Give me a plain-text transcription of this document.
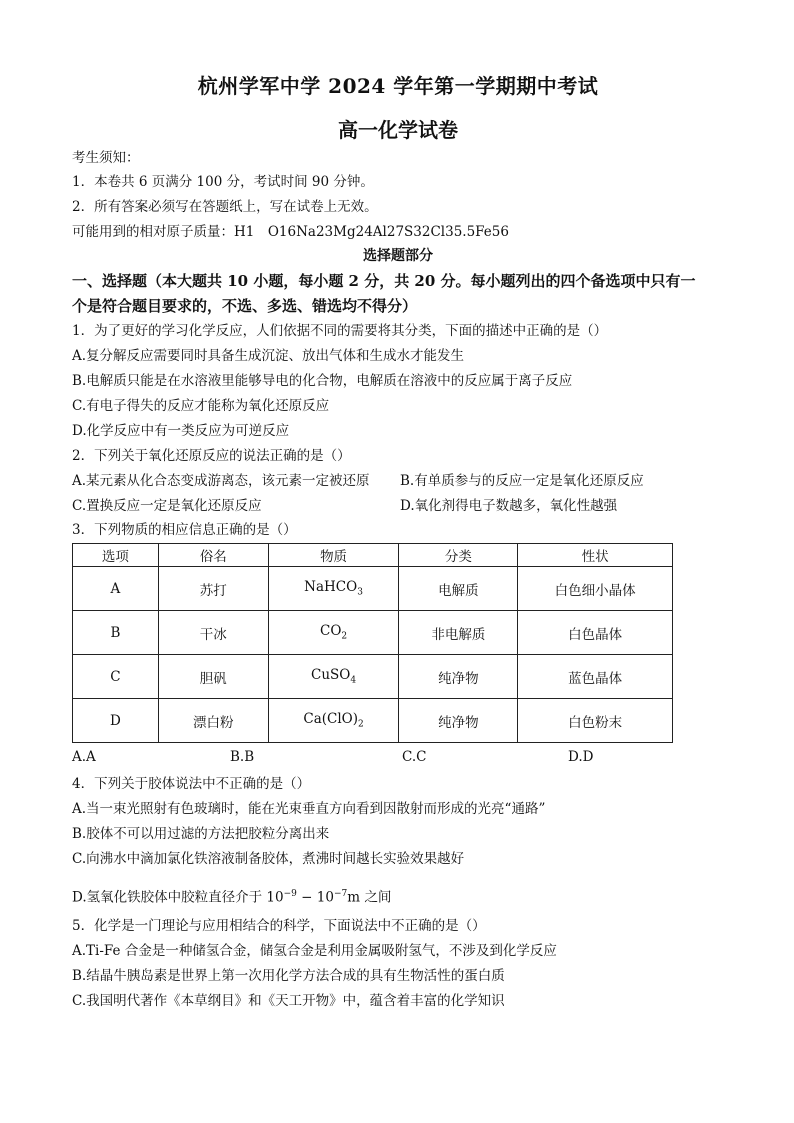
杭州学军中学 2024 学年第一学期期中考试
高一化学试卷
考生须知：
1．本卷共 6 页满分 100 分，考试时间 90 分钟。
2．所有答案必须写在答题纸上，写在试卷上无效。
可能用到的相对原子质量：H1　O16Na23Mg24Al27S32Cl35.5Fe56
选择题部分
一、选择题（本大题共 10 小题，每小题 2 分，共 20 分。每小题列出的四个备选项中只有一
个是符合题目要求的，不选、多选、错选均不得分）
1．为了更好的学习化学反应，人们依据不同的需要将其分类，下面的描述中正确的是（）
A.复分解反应需要同时具备生成沉淀、放出气体和生成水才能发生
B.电解质只能是在水溶液里能够导电的化合物，电解质在溶液中的反应属于离子反应
C.有电子得失的反应才能称为氧化还原反应
D.化学反应中有一类反应为可逆反应
2．下列关于氧化还原反应的说法正确的是（）
A.某元素从化合态变成游离态，该元素一定被还原 B.有单质参与的反应一定是氧化还原反应
C.置换反应一定是氧化还原反应	D.氧化剂得电子数越多，氧化性越强
3．下列物质的相应信息正确的是（）
选项	俗名	物质	分类	性状
A	苏打	NaHCO$_3$	电解质	白色细小晶体
B	干冰	$CO_2$	非电解质	白色晶体
C	胆矾	CuSO$_4$	纯净物	蓝色晶体
D	漂白粉	$Ca(ClO)_2$	纯净物	白色粉末
A.A	B.B	C.C	D.D
4．下列关于胶体说法中不正确的是（）
A.当一束光照射有色玻璃时，能在光束垂直方向看到因散射而形成的光亮“通路”
B.胶体不可以用过滤的方法把胶粒分离出来
C.向沸水中滴加氯化铁溶液制备胶体，煮沸时间越长实验效果越好
D.氢氧化铁胶体中胶粒直径介于 $10^{-9} - 10^{-7}m$ 之间
5．化学是一门理论与应用相结合的科学，下面说法中不正确的是（）
A.Ti-Fe 合金是一种储氢合金，储氢合金是利用金属吸附氢气，不涉及到化学反应
B.结晶牛胰岛素是世界上第一次用化学方法合成的具有生物活性的蛋白质
C.我国明代著作《本草纲目》和《天工开物》中，蕴含着丰富的化学知识
